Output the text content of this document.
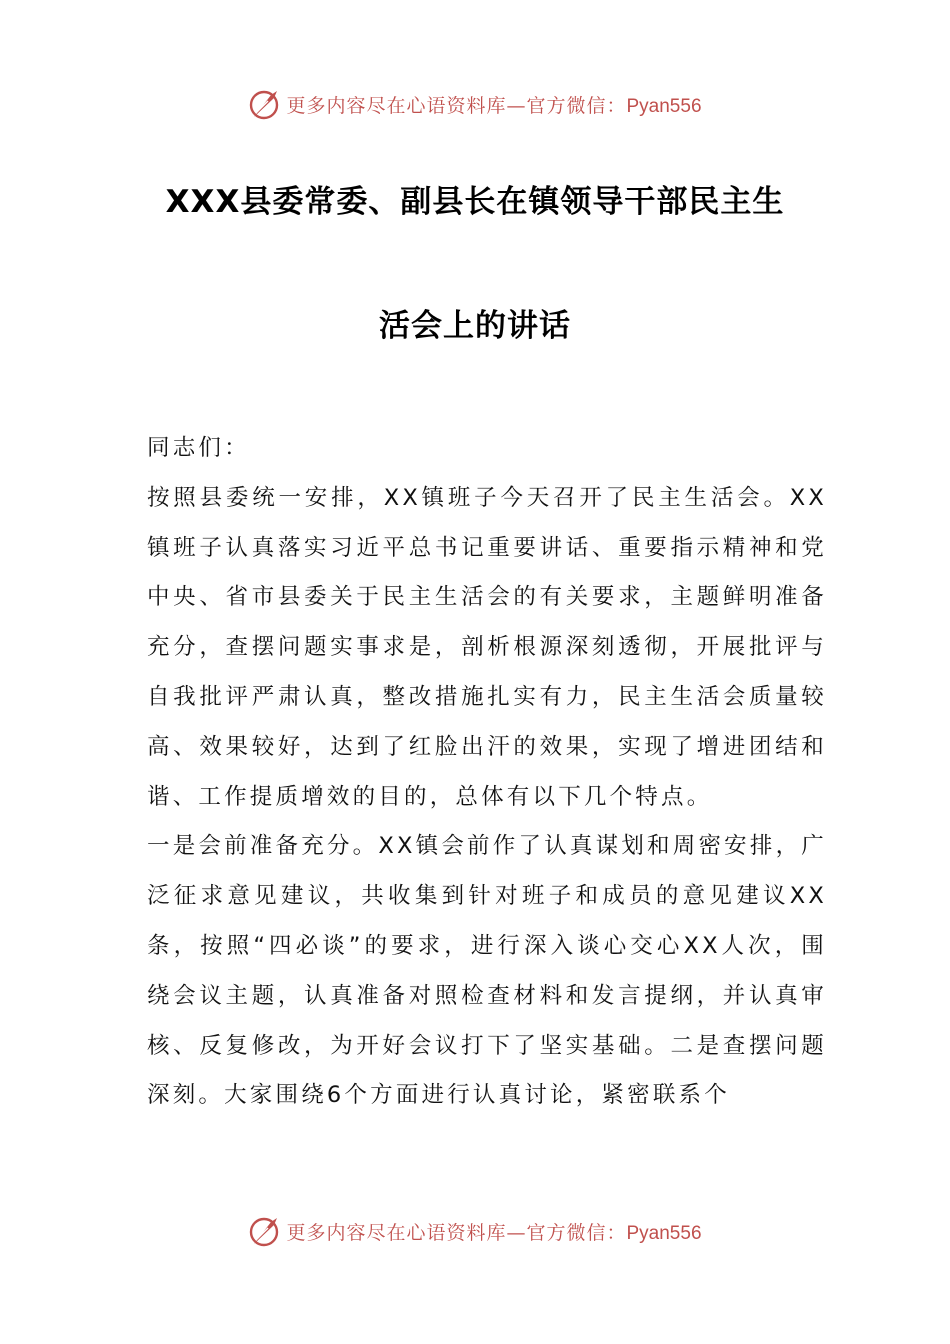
更多内容尽在心语资料库—官方微信：Pyan556
XXX县委常委、副县长在镇领导干部民主生
活会上的讲话

同志们：

按照县委统一安排，XX镇班子今天召开了民主生活会。XX镇班子认真落实习近平总书记重要讲话、重要指示精神和党中央、省市县委关于民主生活会的有关要求，主题鲜明准备充分，查摆问题实事求是，剖析根源深刻透彻，开展批评与自我批评严肃认真，整改措施扎实有力，民主生活会质量较高、效果较好，达到了红脸出汗的效果，实现了增进团结和谐、工作提质增效的目的，总体有以下几个特点。

一是会前准备充分。XX镇会前作了认真谋划和周密安排，广泛征求意见建议，共收集到针对班子和成员的意见建议XX条，按照“四必谈”的要求，进行深入谈心交心XX人次，围绕会议主题，认真准备对照检查材料和发言提纲，并认真审核、反复修改，为开好会议打下了坚实基础。二是查摆问题深刻。大家围绕6个方面进行认真讨论，紧密联系个

更多内容尽在心语资料库—官方微信：Pyan556
